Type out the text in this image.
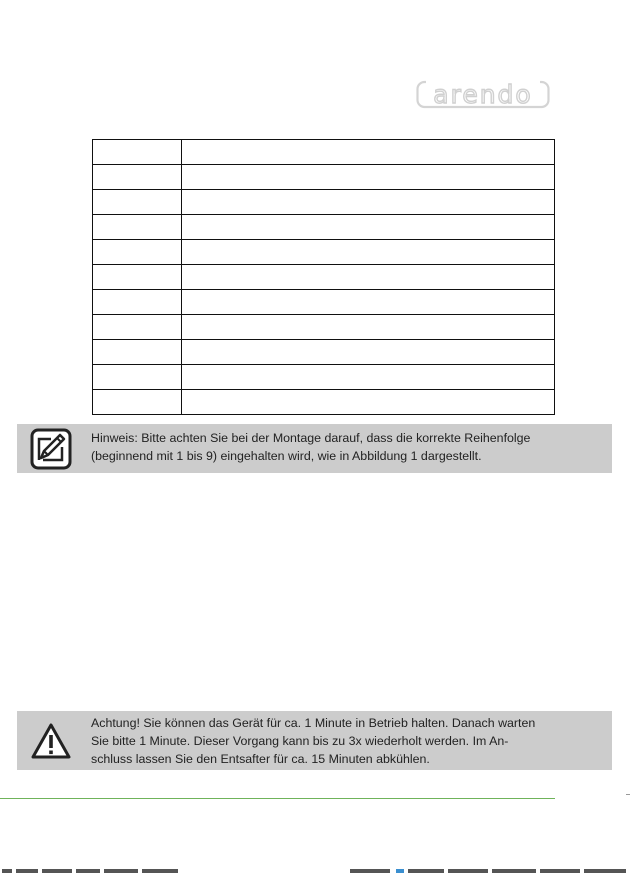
arendo

Hinweis: Bitte achten Sie bei der Montage darauf, dass die korrekte Reihenfolge
(beginnend mit 1 bis 9) eingehalten wird, wie in Abbildung 1 dargestellt.
Achtung! Sie können das Gerät für ca. 1 Minute in Betrieb halten. Danach warten
Sie bitte 1 Minute. Dieser Vorgang kann bis zu 3x wiederholt werden. Im An-
schluss lassen Sie den Entsafter für ca. 15 Minuten abkühlen.
